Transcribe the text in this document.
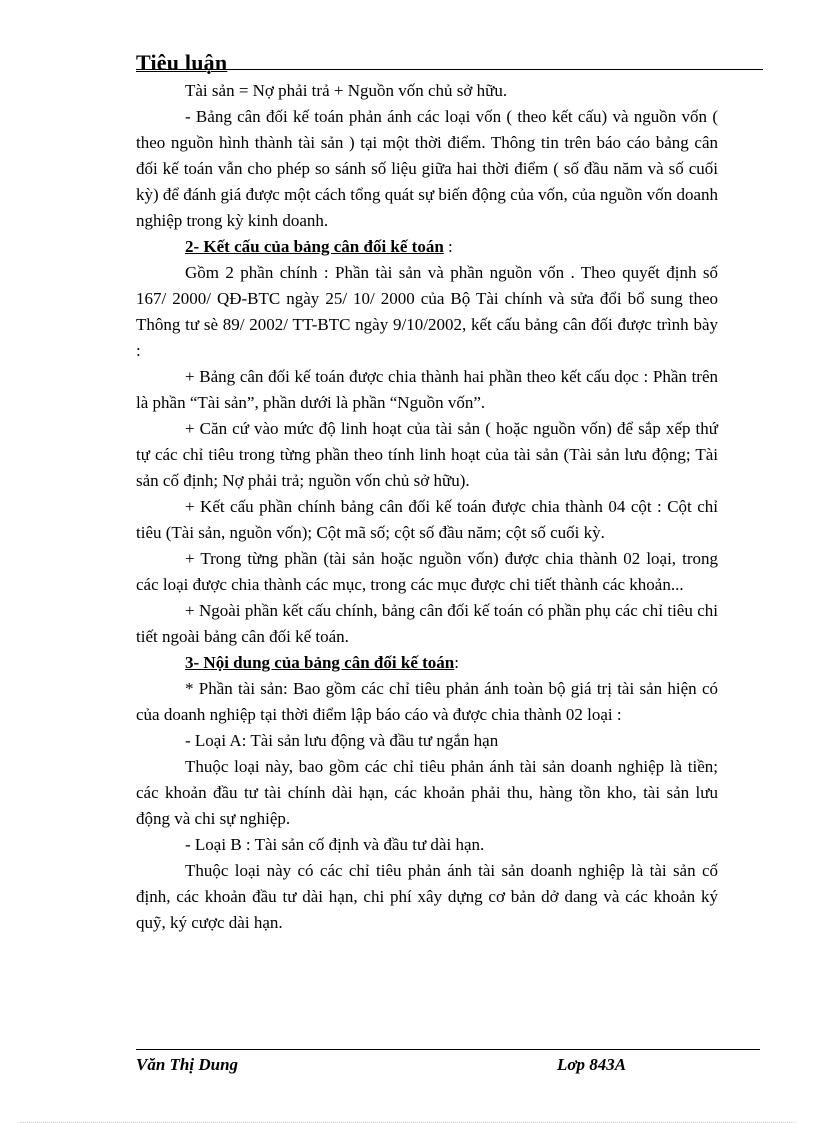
Tiêu luận

Tài sản = Nợ phải trả + Nguồn vốn chủ sở hữu.

- Bảng cân đối kế toán phản ánh các loại vốn ( theo kết cấu) và nguồn vốn ( theo nguồn hình thành tài sản ) tại một thời điểm. Thông tin trên báo cáo bảng cân đối kế toán vẫn cho phép so sánh số liệu giữa hai thời điểm ( số đầu năm và số cuối kỳ) để đánh giá được một cách tổng quát sự biến động của vốn, của nguồn vốn doanh nghiệp trong kỳ kinh doanh.

2- Kết cấu của bảng cân đối kế toán :

Gồm 2 phần chính : Phần tài sản và phần nguồn vốn . Theo quyết định số 167/ 2000/ QĐ-BTC ngày 25/ 10/ 2000 của Bộ Tài chính và sửa đổi bổ sung theo Thông tư sè 89/ 2002/ TT-BTC ngày 9/10/2002, kết cấu bảng cân đối được trình bày :

+ Bảng cân đối kế toán được chia thành hai phần theo kết cấu dọc : Phần trên là phần “Tài sản”, phần dưới là phần “Nguồn vốn”.

+ Căn cứ vào mức độ linh hoạt của tài sản ( hoặc nguồn vốn) để sắp xếp thứ tự các chỉ tiêu trong từng phần theo tính linh hoạt của tài sản (Tài sản lưu động; Tài sản cố định; Nợ phải trả; nguồn vốn chủ sở hữu).

+ Kết cấu phần chính bảng cân đối kế toán được chia thành 04 cột : Cột chỉ tiêu (Tài sản, nguồn vốn); Cột mã số; cột số đầu năm; cột số cuối kỳ.

+ Trong từng phần (tài sản hoặc nguồn vốn) được chia thành 02 loại, trong các loại được chia thành các mục, trong các mục được chi tiết thành các khoản...

+ Ngoài phần kết cấu chính, bảng cân đối kế toán có phần phụ các chỉ tiêu chi tiết ngoài bảng cân đối kế toán.

3- Nội dung của bảng cân đối kế toán:

* Phần tài sản: Bao gồm các chỉ tiêu phản ánh toàn bộ giá trị tài sản hiện có của doanh nghiệp tại thời điểm lập báo cáo và được chia thành 02 loại :

- Loại A: Tài sản lưu động và đầu tư ngắn hạn

Thuộc loại này, bao gồm các chỉ tiêu phản ánh tài sản doanh nghiệp là tiền; các khoản đầu tư tài chính dài hạn, các khoản phải thu, hàng tồn kho, tài sản lưu động và chi sự nghiệp.

- Loại B : Tài sản cố định và đầu tư dài hạn.

Thuộc loại này có các chỉ tiêu phản ánh tài sản doanh nghiệp là tài sản cố định, các khoản đầu tư dài hạn, chi phí xây dựng cơ bản dở dang và các khoản ký quỹ, ký cược dài hạn.

Văn Thị Dung	Lơp 843A
